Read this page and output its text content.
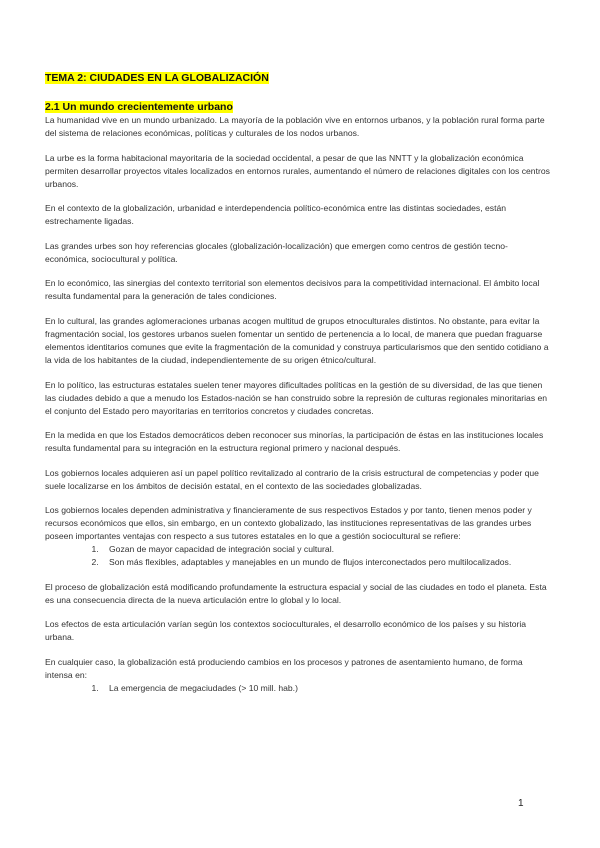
TEMA 2: CIUDADES EN LA GLOBALIZACIÓN
2.1 Un mundo crecientemente urbano

La humanidad vive en un mundo urbanizado. La mayoría de la población vive en entornos urbanos, y la población rural forma parte del sistema de relaciones económicas, políticas y culturales de los nodos urbanos.

La urbe es la forma habitacional mayoritaria de la sociedad occidental, a pesar de que las NNTT y la globalización económica permiten desarrollar proyectos vitales localizados en entornos rurales, aumentando el número de relaciones digitales con los centros urbanos.

En el contexto de la globalización, urbanidad e interdependencia político-económica entre las distintas sociedades, están estrechamente ligadas.

Las grandes urbes son hoy referencias glocales (globalización-localización) que emergen como centros de gestión tecno-económica, sociocultural y política.

En lo económico, las sinergias del contexto territorial son elementos decisivos para la competitividad internacional. El ámbito local resulta fundamental para la generación de tales condiciones.

En lo cultural, las grandes aglomeraciones urbanas acogen multitud de grupos etnoculturales distintos. No obstante, para evitar la fragmentación social, los gestores urbanos suelen fomentar un sentido de pertenencia a lo local, de manera que puedan fraguarse elementos identitarios comunes que evite la fragmentación de la comunidad y construya particularismos que den sentido cotidiano a la vida de los habitantes de la ciudad, independientemente de su origen étnico/cultural.

En lo político, las estructuras estatales suelen tener mayores dificultades políticas en la gestión de su diversidad, de las que tienen las ciudades debido a que a menudo los Estados-nación se han construido sobre la represión de culturas regionales minoritarias en el conjunto del Estado pero mayoritarias en territorios concretos y ciudades concretas.

En la medida en que los Estados democráticos deben reconocer sus minorías, la participación de éstas en las instituciones locales resulta fundamental para su integración en la estructura regional primero y nacional después.

Los gobiernos locales adquieren así un papel político revitalizado al contrario de la crisis estructural de competencias y poder que suele localizarse en los ámbitos de decisión estatal, en el contexto de las sociedades globalizadas.

Los gobiernos locales dependen administrativa y financieramente de sus respectivos Estados y por tanto, tienen menos poder y recursos económicos que ellos, sin embargo, en un contexto globalizado, las instituciones representativas de las grandes urbes poseen importantes ventajas con respecto a sus tutores estatales en lo que a gestión sociocultural se refiere:

1. Gozan de mayor capacidad de integración social y cultural.
2. Son más flexibles, adaptables y manejables en un mundo de flujos interconectados pero multilocalizados.

El proceso de globalización está modificando profundamente la estructura espacial y social de las ciudades en todo el planeta. Esta es una consecuencia directa de la nueva articulación entre lo global y lo local.

Los efectos de esta articulación varían según los contextos socioculturales, el desarrollo económico de los países y su historia urbana.

En cualquier caso, la globalización está produciendo cambios en los procesos y patrones de asentamiento humano, de forma intensa en:

1. La emergencia de megaciudades (> 10 mill. hab.)
1
